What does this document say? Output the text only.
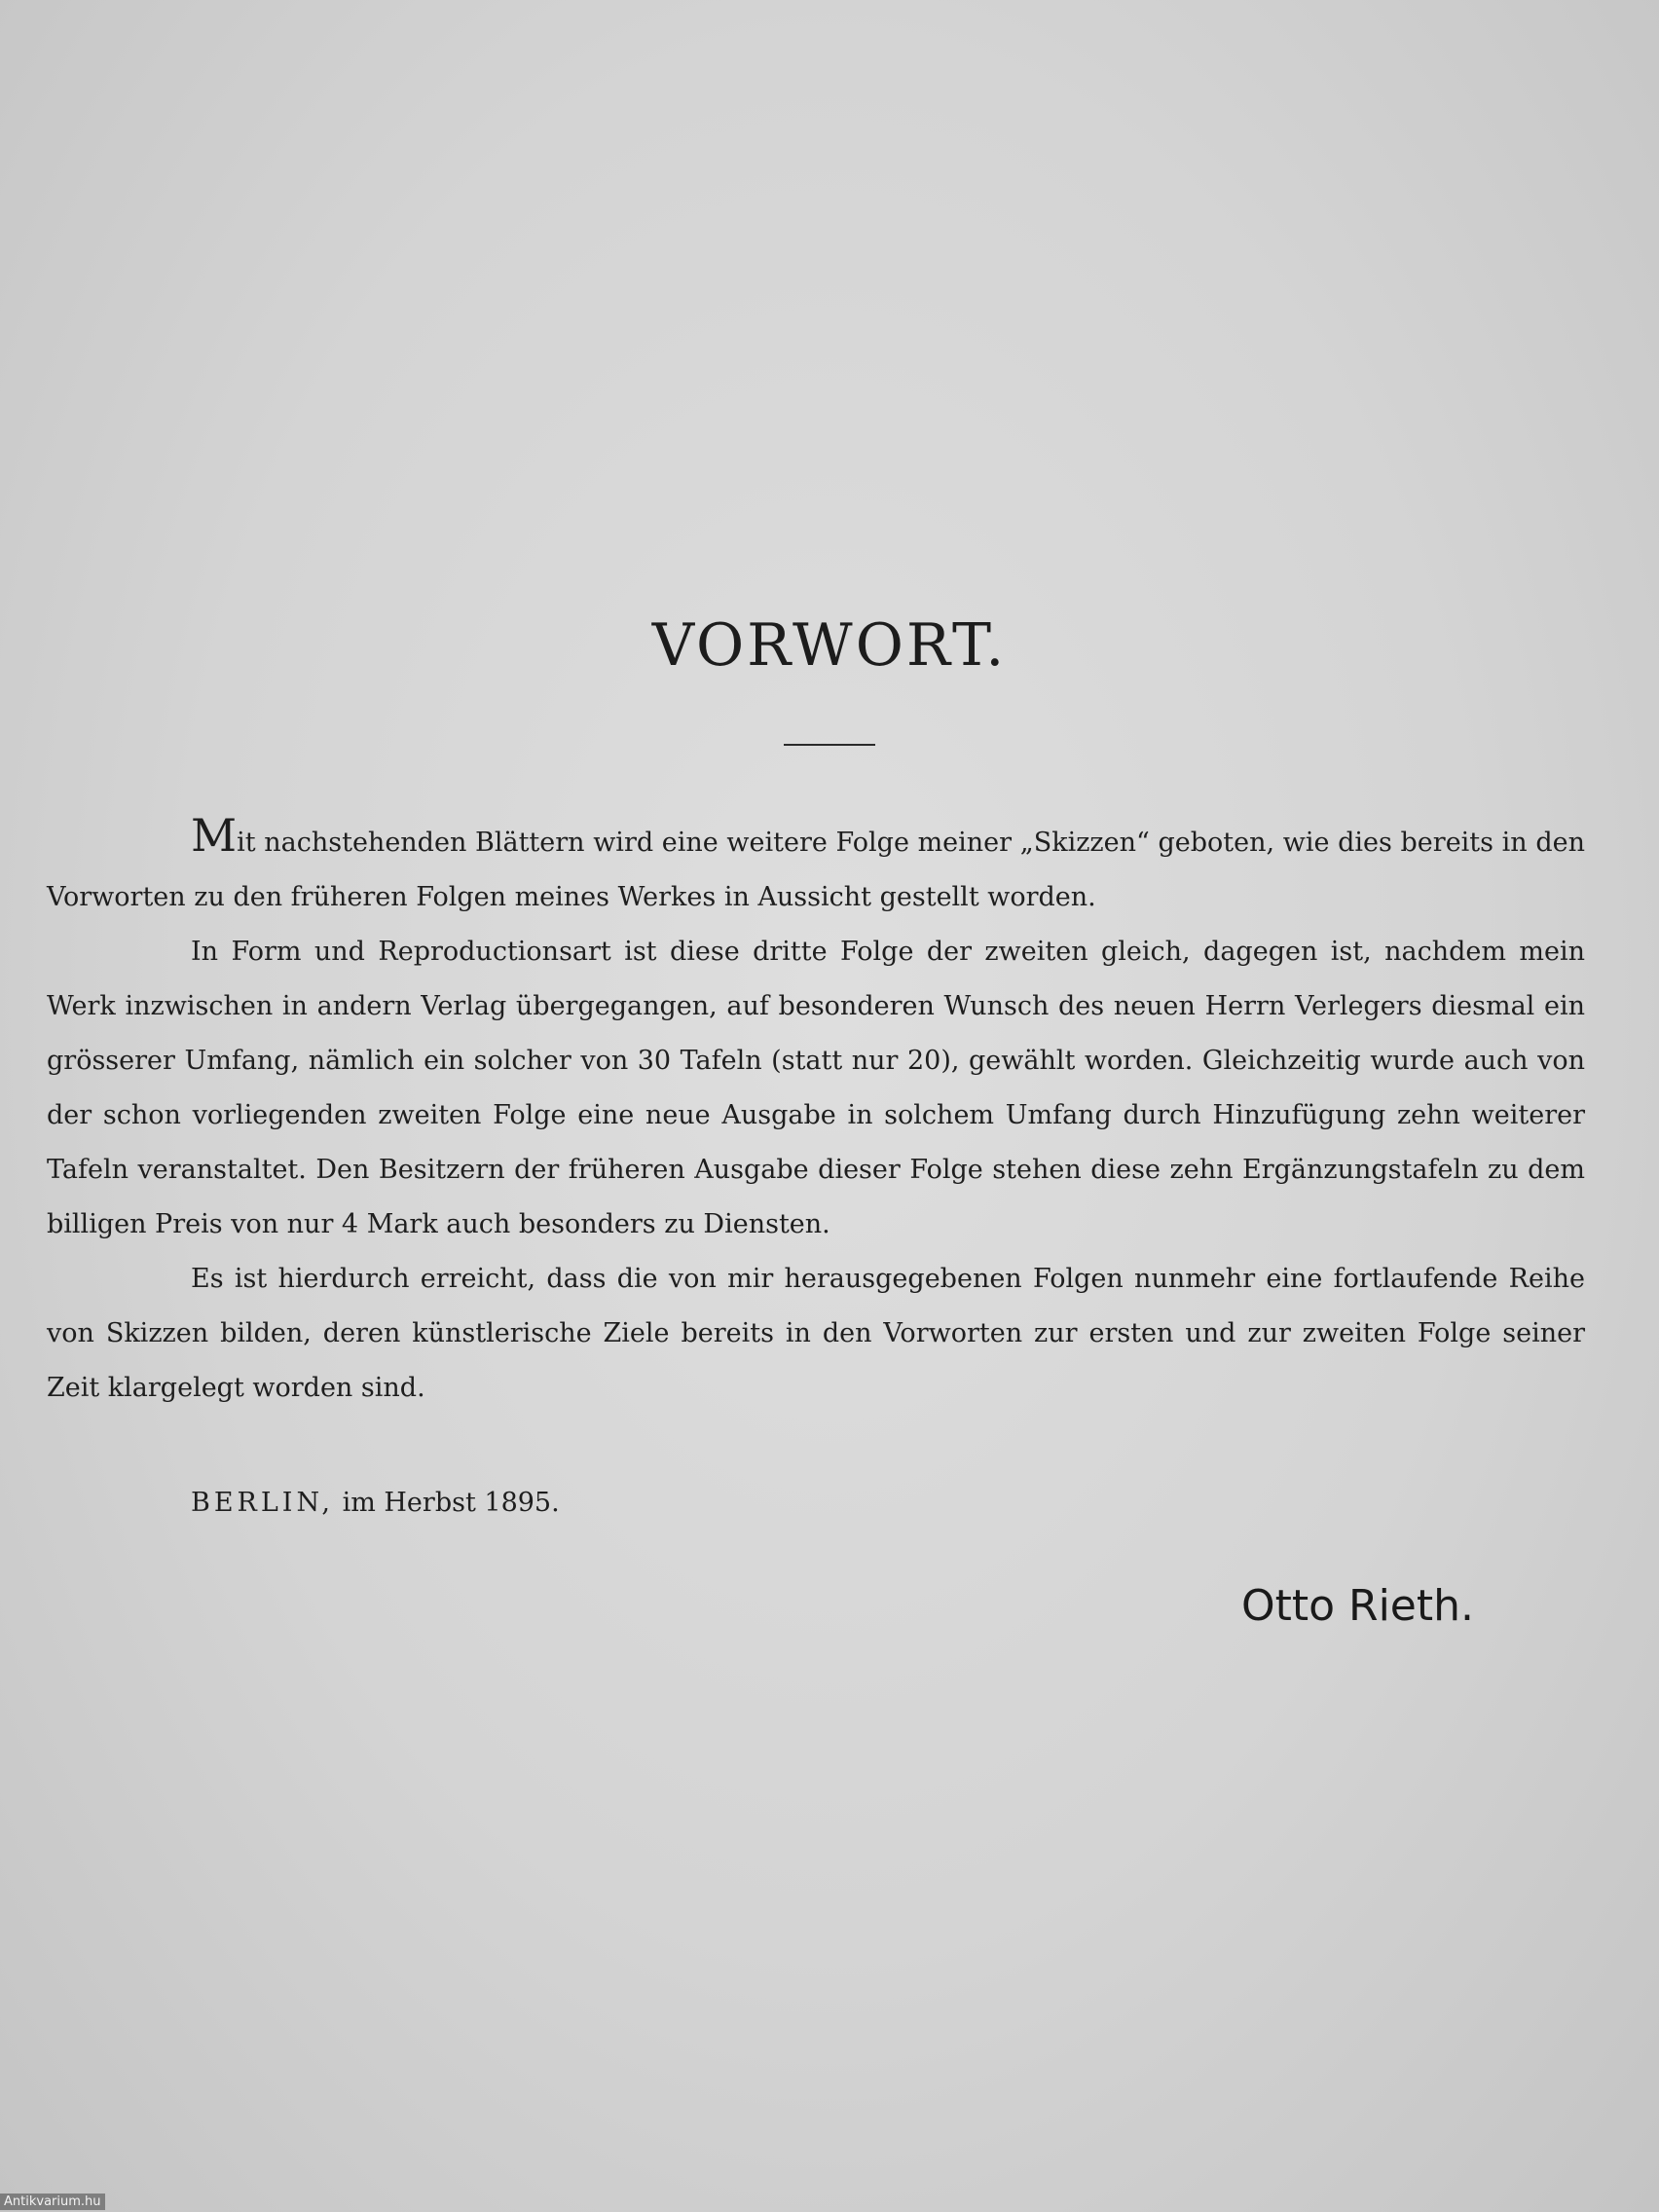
VORWORT.

Mit nachstehenden Blättern wird eine weitere Folge meiner „Skizzen“ geboten, wie dies bereits in den Vorworten zu den früheren Folgen meines Werkes in Aussicht gestellt worden.

In Form und Reproductionsart ist diese dritte Folge der zweiten gleich, dagegen ist, nachdem mein Werk inzwischen in andern Verlag übergegangen, auf besonderen Wunsch des neuen Herrn Verlegers diesmal ein grösserer Umfang, nämlich ein solcher von 30 Tafeln (statt nur 20), gewählt worden. Gleichzeitig wurde auch von der schon vorliegenden zweiten Folge eine neue Ausgabe in solchem Umfang durch Hinzufügung zehn weiterer Tafeln veranstaltet. Den Besitzern der früheren Ausgabe dieser Folge stehen diese zehn Ergänzungstafeln zu dem billigen Preis von nur 4 Mark auch besonders zu Diensten.

Es ist hierdurch erreicht, dass die von mir herausgegebenen Folgen nunmehr eine fortlaufende Reihe von Skizzen bilden, deren künstlerische Ziele bereits in den Vorworten zur ersten und zur zweiten Folge seiner Zeit klargelegt worden sind.

BERLIN, im Herbst 1895.
Otto Rieth.
Antikvarium.hu
